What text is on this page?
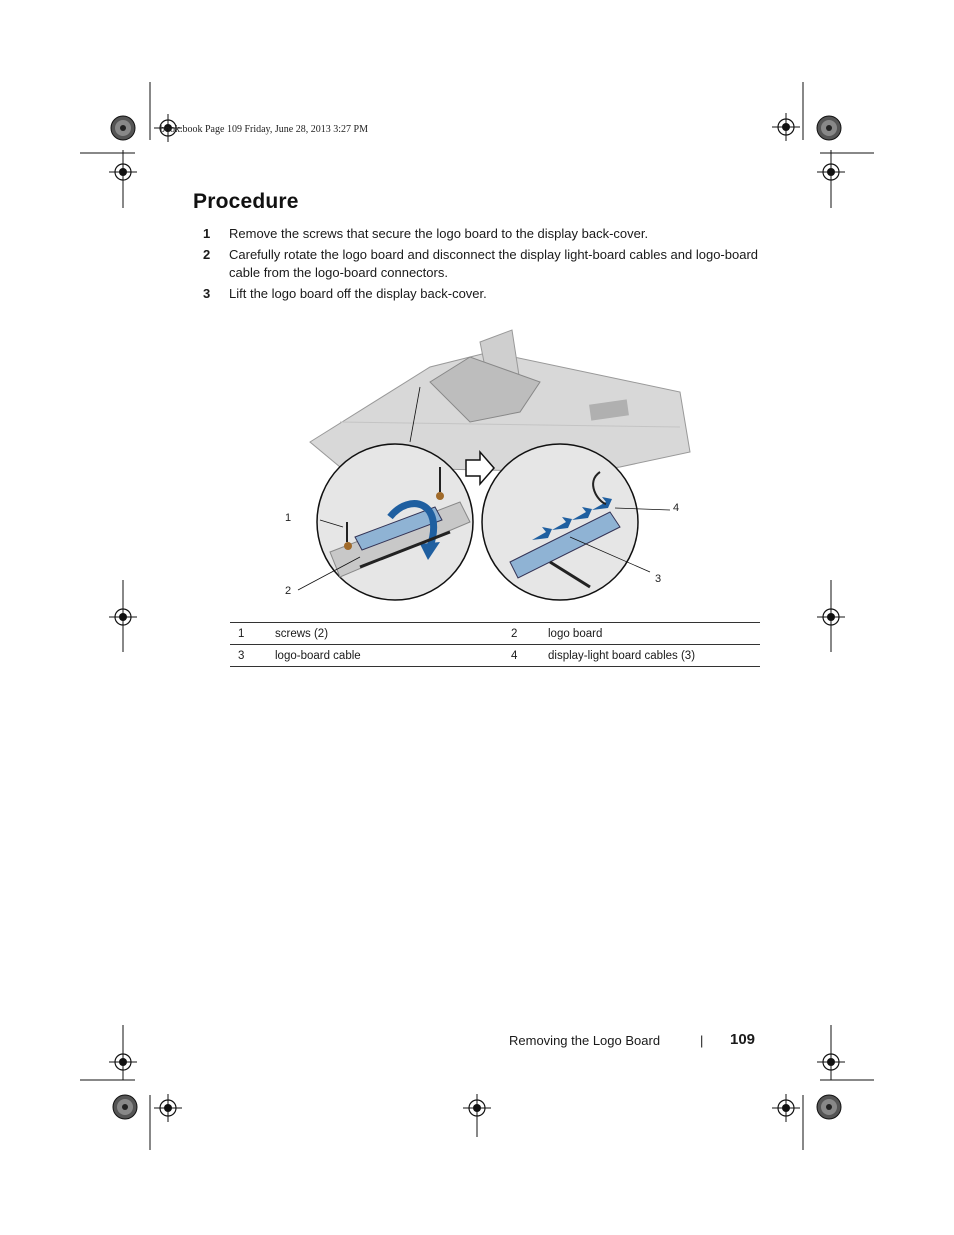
book.book Page 109 Friday, June 28, 2013 3:27 PM
Procedure
1	Remove the screws that secure the logo board to the display back-cover.
2	Carefully rotate the logo board and disconnect the display light-board cables and logo-board cable from the logo-board connectors.
3	Lift the logo board off the display back-cover.
1
2
3
4
1	screws (2)	2	logo board
3	logo-board cable	4	display-light board cables (3)
Removing the Logo Board	| 109
